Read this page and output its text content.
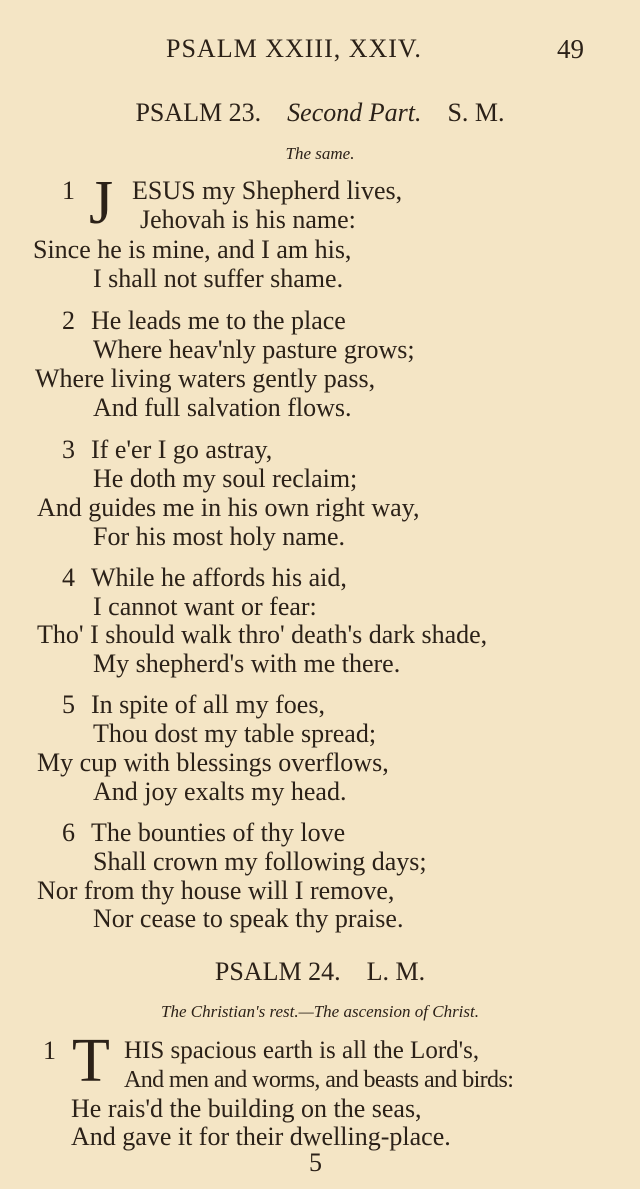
PSALM XXIII, XXIV.	49
PSALM 23. Second Part. S. M.
The same.
1 J ESUS my Shepherd lives,
Jehovah is his name:
Since he is mine, and I am his,
I shall not suffer shame.
2 He leads me to the place
Where heav'nly pasture grows;
Where living waters gently pass,
And full salvation flows.
3 If e'er I go astray,
He doth my soul reclaim;
And guides me in his own right way,
For his most holy name.
4 While he affords his aid,
I cannot want or fear:
Tho' I should walk thro' death's dark shade,
My shepherd's with me there.
5 In spite of all my foes,
Thou dost my table spread;
My cup with blessings overflows,
And joy exalts my head.
6 The bounties of thy love
Shall crown my following days;
Nor from thy house will I remove,
Nor cease to speak thy praise.
PSALM 24. L. M.
The Christian's rest.—The ascension of Christ.
1 T HIS spacious earth is all the Lord's,
And men and worms, and beasts and birds:
He rais'd the building on the seas,
And gave it for their dwelling-place.
5
